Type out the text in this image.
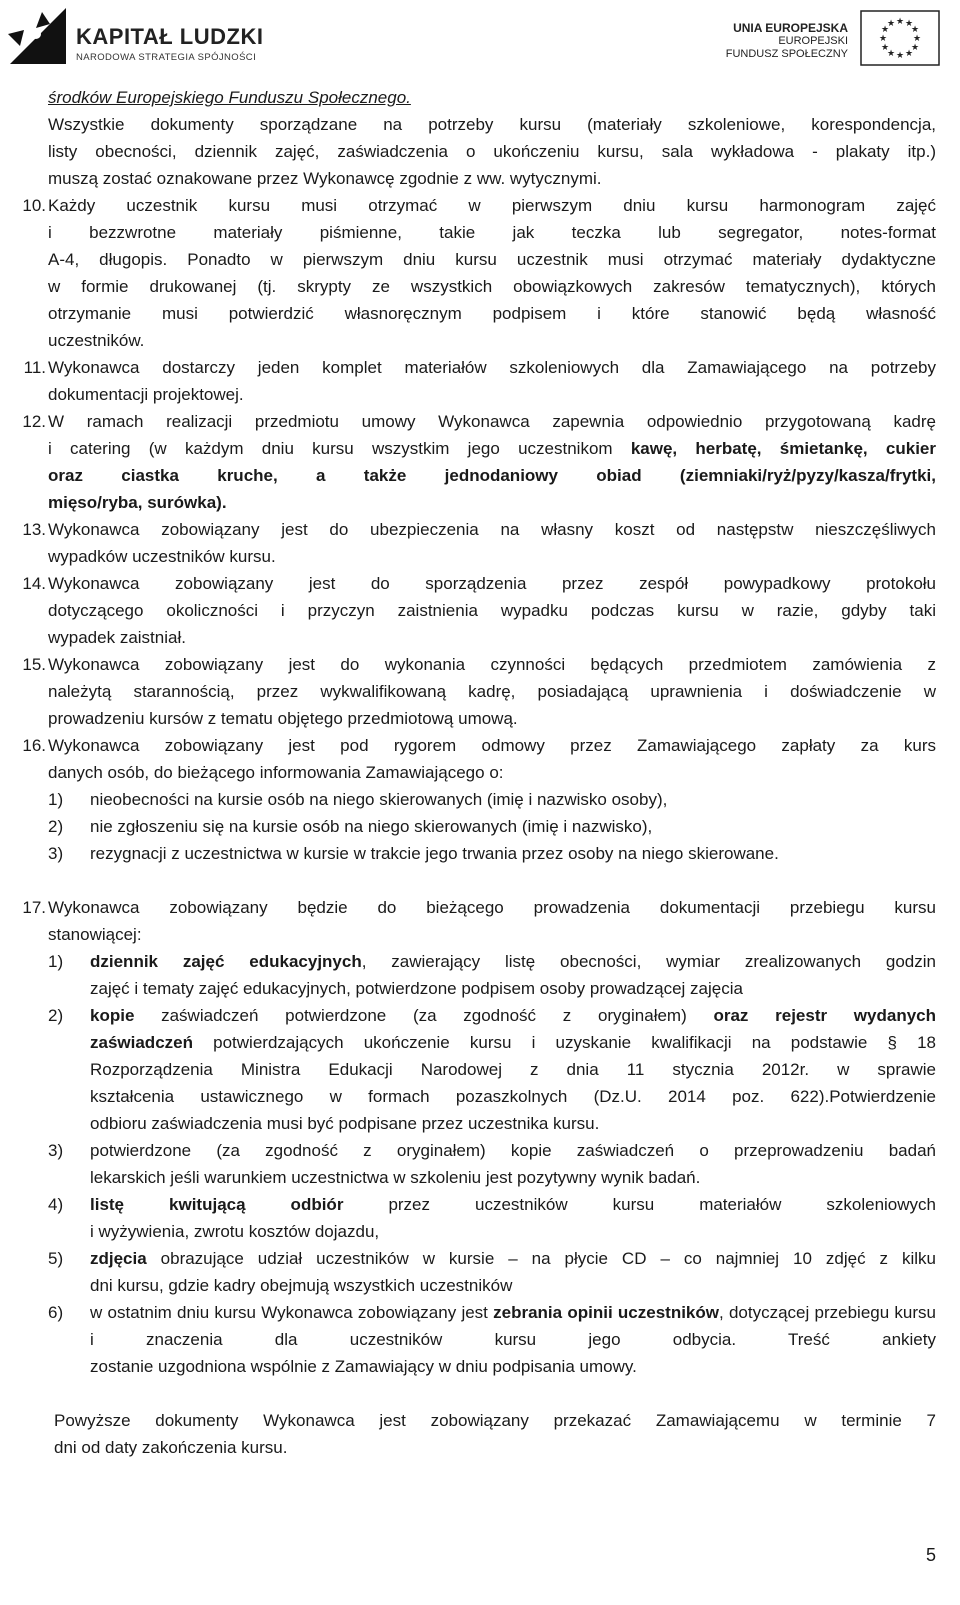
KAPITAŁ LUDZKI
NARODOWA STRATEGIA SPÓJNOŚCI
UNIA EUROPEJSKA
EUROPEJSKI
FUNDUSZ SPOŁECZNY
★ ★
★
★
★
★
★
★
★
★
★
★
środków Europejskiego Funduszu Społecznego.
Wszystkie dokumenty sporządzane na potrzeby kursu (materiały szkoleniowe, korespondencja,
listy obecności, dziennik zajęć, zaświadczenia o ukończeniu kursu, sala wykładowa - plakaty itp.)
muszą zostać oznakowane przez Wykonawcę zgodnie z ww. wytycznymi.
10. Każdy uczestnik kursu musi otrzymać w pierwszym dniu kursu harmonogram zajęć
i bezzwrotne materiały piśmienne, takie jak teczka lub segregator, notes-format
A-4, długopis. Ponadto w pierwszym dniu kursu uczestnik musi otrzymać materiały dydaktyczne
w formie drukowanej (tj. skrypty ze wszystkich obowiązkowych zakresów tematycznych), których
otrzymanie musi potwierdzić własnoręcznym podpisem i które stanowić będą własność
uczestników.
11. Wykonawca dostarczy jeden komplet materiałów szkoleniowych dla Zamawiającego na potrzeby
dokumentacji projektowej.
12. W ramach realizacji przedmiotu umowy Wykonawca zapewnia odpowiednio przygotowaną kadrę
i catering (w każdym dniu kursu wszystkim jego uczestnikom kawę, herbatę, śmietankę, cukier
oraz ciastka kruche, a także jednodaniowy obiad (ziemniaki/ryż/pyzy/kasza/frytki,
mięso/ryba, surówka).
13. Wykonawca zobowiązany jest do ubezpieczenia na własny koszt od następstw nieszczęśliwych
wypadków uczestników kursu.
14. Wykonawca zobowiązany jest do sporządzenia przez zespół powypadkowy protokołu
dotyczącego okoliczności i przyczyn zaistnienia wypadku podczas kursu w razie, gdyby taki
wypadek zaistniał.
15. Wykonawca zobowiązany jest do wykonania czynności będących przedmiotem zamówienia z
należytą starannością, przez wykwalifikowaną kadrę, posiadającą uprawnienia i doświadczenie w
prowadzeniu kursów z tematu objętego przedmiotową umową.
16. Wykonawca zobowiązany jest pod rygorem odmowy przez Zamawiającego zapłaty za kurs
danych osób, do bieżącego informowania Zamawiającego o:
1)	nieobecności na kursie osób na niego skierowanych (imię i nazwisko osoby),
2)	nie zgłoszeniu się na kursie osób na niego skierowanych (imię i nazwisko),
3)	rezygnacji z uczestnictwa w kursie w trakcie jego trwania przez osoby na niego skierowane.
17. Wykonawca zobowiązany będzie do bieżącego prowadzenia dokumentacji przebiegu kursu
stanowiącej:
1)	dziennik zajęć edukacyjnych, zawierający listę obecności, wymiar zrealizowanych godzin
zajęć i tematy zajęć edukacyjnych, potwierdzone podpisem osoby prowadzącej zajęcia
2)	kopie zaświadczeń potwierdzone (za zgodność z oryginałem) oraz rejestr wydanych
zaświadczeń potwierdzających ukończenie kursu i uzyskanie kwalifikacji na podstawie § 18
Rozporządzenia Ministra Edukacji Narodowej z dnia 11 stycznia 2012r. w sprawie
kształcenia ustawicznego w formach pozaszkolnych (Dz.U. 2014 poz. 622).Potwierdzenie
odbioru zaświadczenia musi być podpisane przez uczestnika kursu.
3)	potwierdzone (za zgodność z oryginałem) kopie zaświadczeń o przeprowadzeniu badań
lekarskich jeśli warunkiem uczestnictwa w szkoleniu jest pozytywny wynik badań.
4)	listę kwitującą odbiór przez uczestników kursu materiałów szkoleniowych
i wyżywienia, zwrotu kosztów dojazdu,
5)	zdjęcia obrazujące udział uczestników w kursie – na płycie CD – co najmniej 10 zdjęć z kilku
dni kursu, gdzie kadry obejmują wszystkich uczestników
6)	w ostatnim dniu kursu Wykonawca zobowiązany jest zebrania opinii uczestników, dotyczącej przebiegu kursu i znaczenia dla uczestników kursu jego odbycia. Treść ankiety
zostanie uzgodniona wspólnie z Zamawiający w dniu podpisania umowy.
Powyższe dokumenty Wykonawca jest zobowiązany przekazać Zamawiającemu w terminie 7
dni od daty zakończenia kursu.
5
